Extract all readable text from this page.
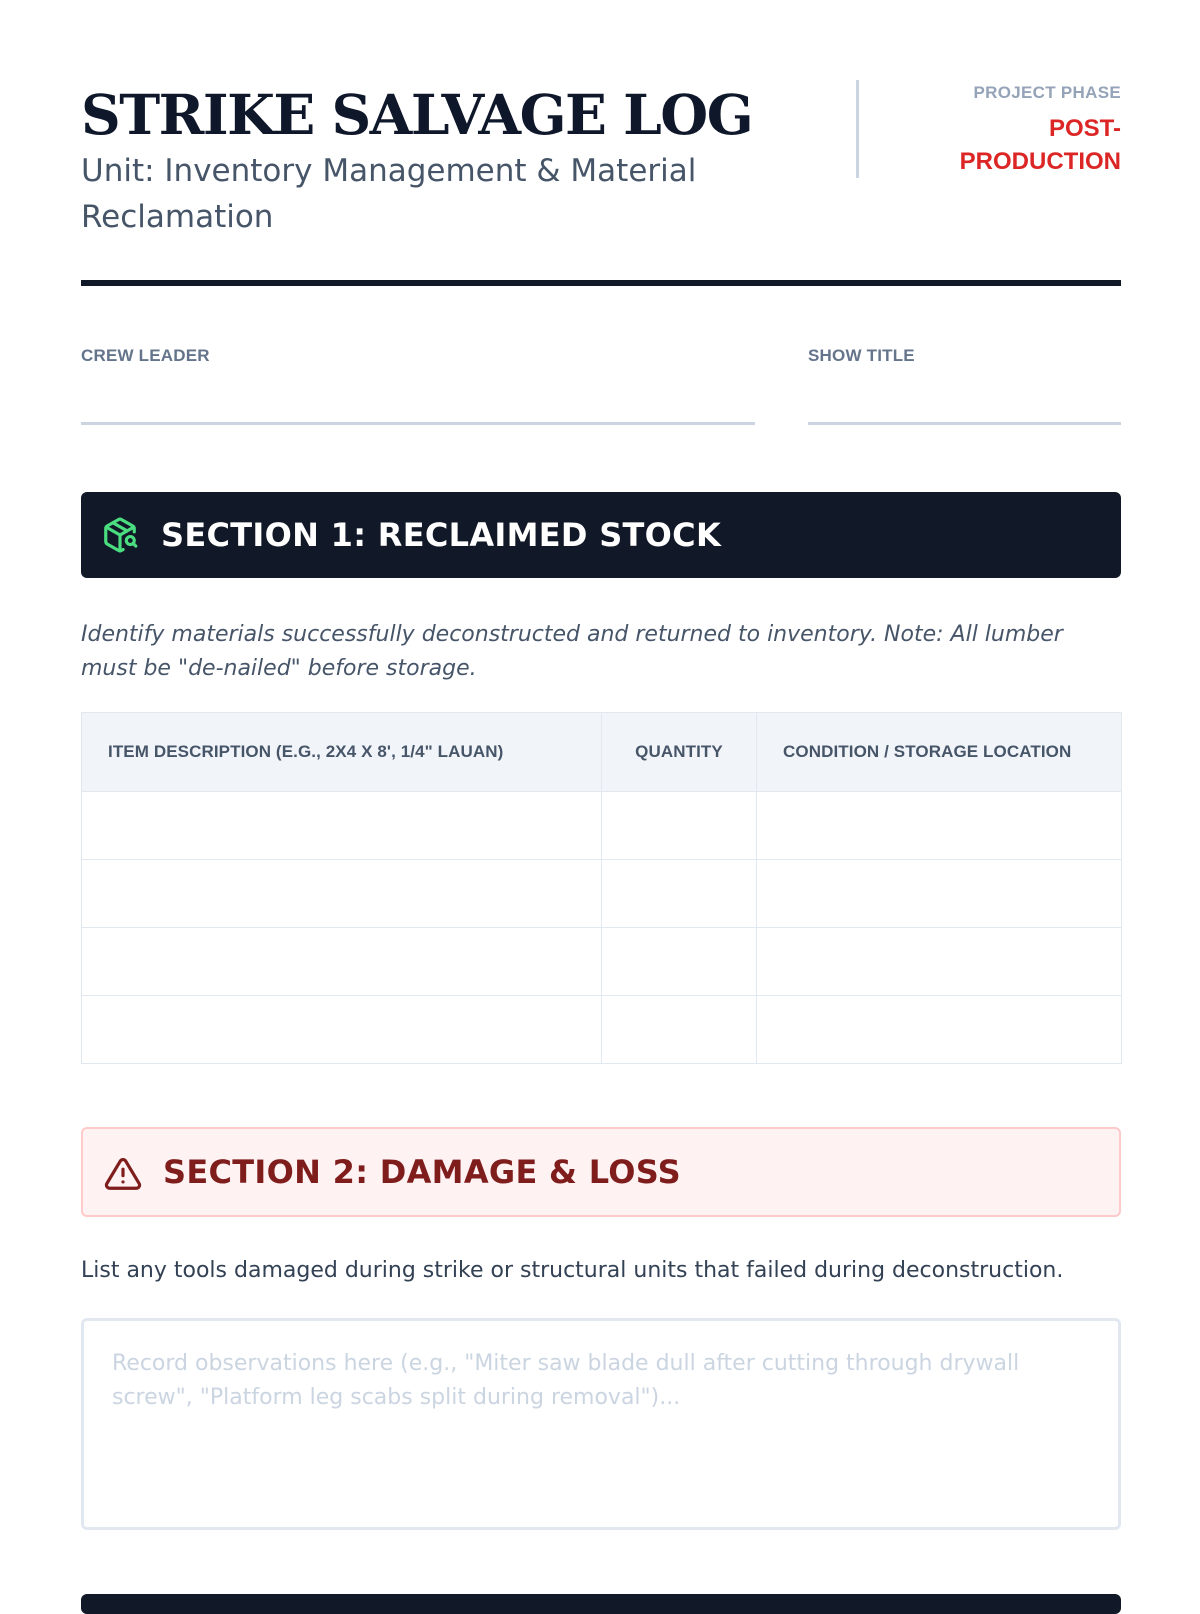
STRIKE SALVAGE LOG
Unit: Inventory Management & Material Reclamation
PROJECT PHASE
POST-PRODUCTION
CREW LEADER	SHOW TITLE
SECTION 1: RECLAIMED STOCK
Identify materials successfully deconstructed and returned to inventory. Note: All lumber must be "de-nailed" before storage.
ITEM DESCRIPTION (E.G., 2X4 X 8', 1/4" LAUAN)	QUANTITY	CONDITION / STORAGE LOCATION

SECTION 2: DAMAGE & LOSS
List any tools damaged during strike or structural units that failed during deconstruction.
Record observations here (e.g., "Miter saw blade dull after cutting through drywall screw", "Platform leg scabs split during removal")...
